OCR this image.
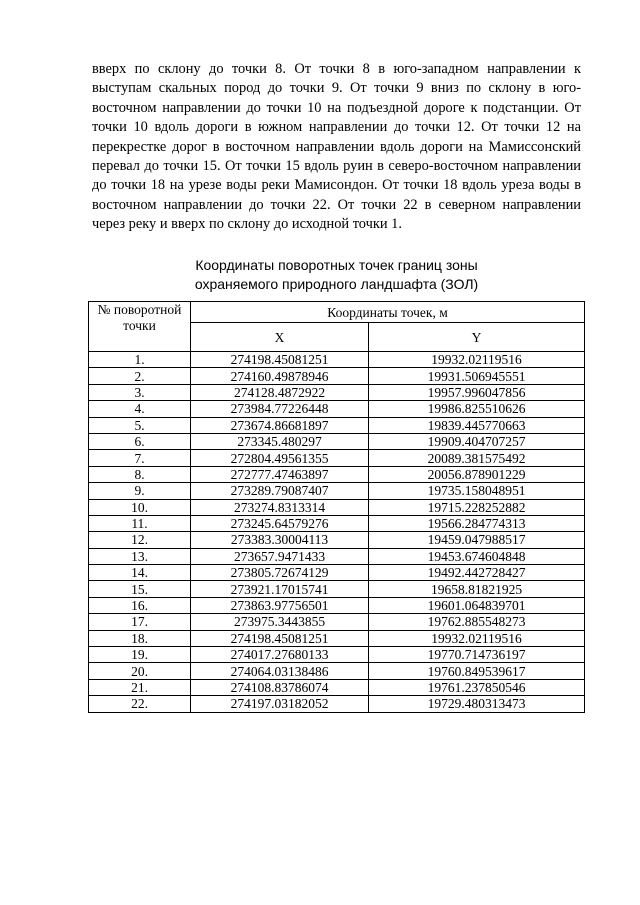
вверх по склону до точки 8. От точки 8 в юго-западном направлении к выступам скальных пород до точки 9. От точки 9 вниз по склону в юго-восточном направлении до точки 10 на подъездной дороге к подстанции. От точки 10 вдоль дороги в южном направлении до точки 12. От точки 12 на перекрестке дорог в восточном направлении вдоль дороги на Мамиссонский перевал до точки 15. От точки 15 вдоль руин в северо-восточном направлении до точки 18 на урезе воды реки Мамисондон. От точки 18 вдоль уреза воды в восточном направлении до точки 22. От точки 22 в северном направлении через реку и вверх по склону до исходной точки 1.

Координаты поворотных точек границ зоны
охраняемого природного ландшафта (ЗОЛ)
№ поворотной точки	Координаты точек, м	
	X	Y
1.	274198.45081251	19932.02119516
2.	274160.49878946	19931.506945551
3.	274128.4872922	19957.996047856
4.	273984.77226448	19986.825510626
5.	273674.86681897	19839.445770663
6.	273345.480297	19909.404707257
7.	272804.49561355	20089.381575492
8.	272777.47463897	20056.878901229
9.	273289.79087407	19735.158048951
10.	273274.8313314	19715.228252882
11.	273245.64579276	19566.284774313
12.	273383.30004113	19459.047988517
13.	273657.9471433	19453.674604848
14.	273805.72674129	19492.442728427
15.	273921.17015741	19658.81821925
16.	273863.97756501	19601.064839701
17.	273975.3443855	19762.885548273
18.	274198.45081251	19932.02119516
19.	274017.27680133	19770.714736197
20.	274064.03138486	19760.849539617
21.	274108.83786074	19761.237850546
22.	274197.03182052	19729.480313473
